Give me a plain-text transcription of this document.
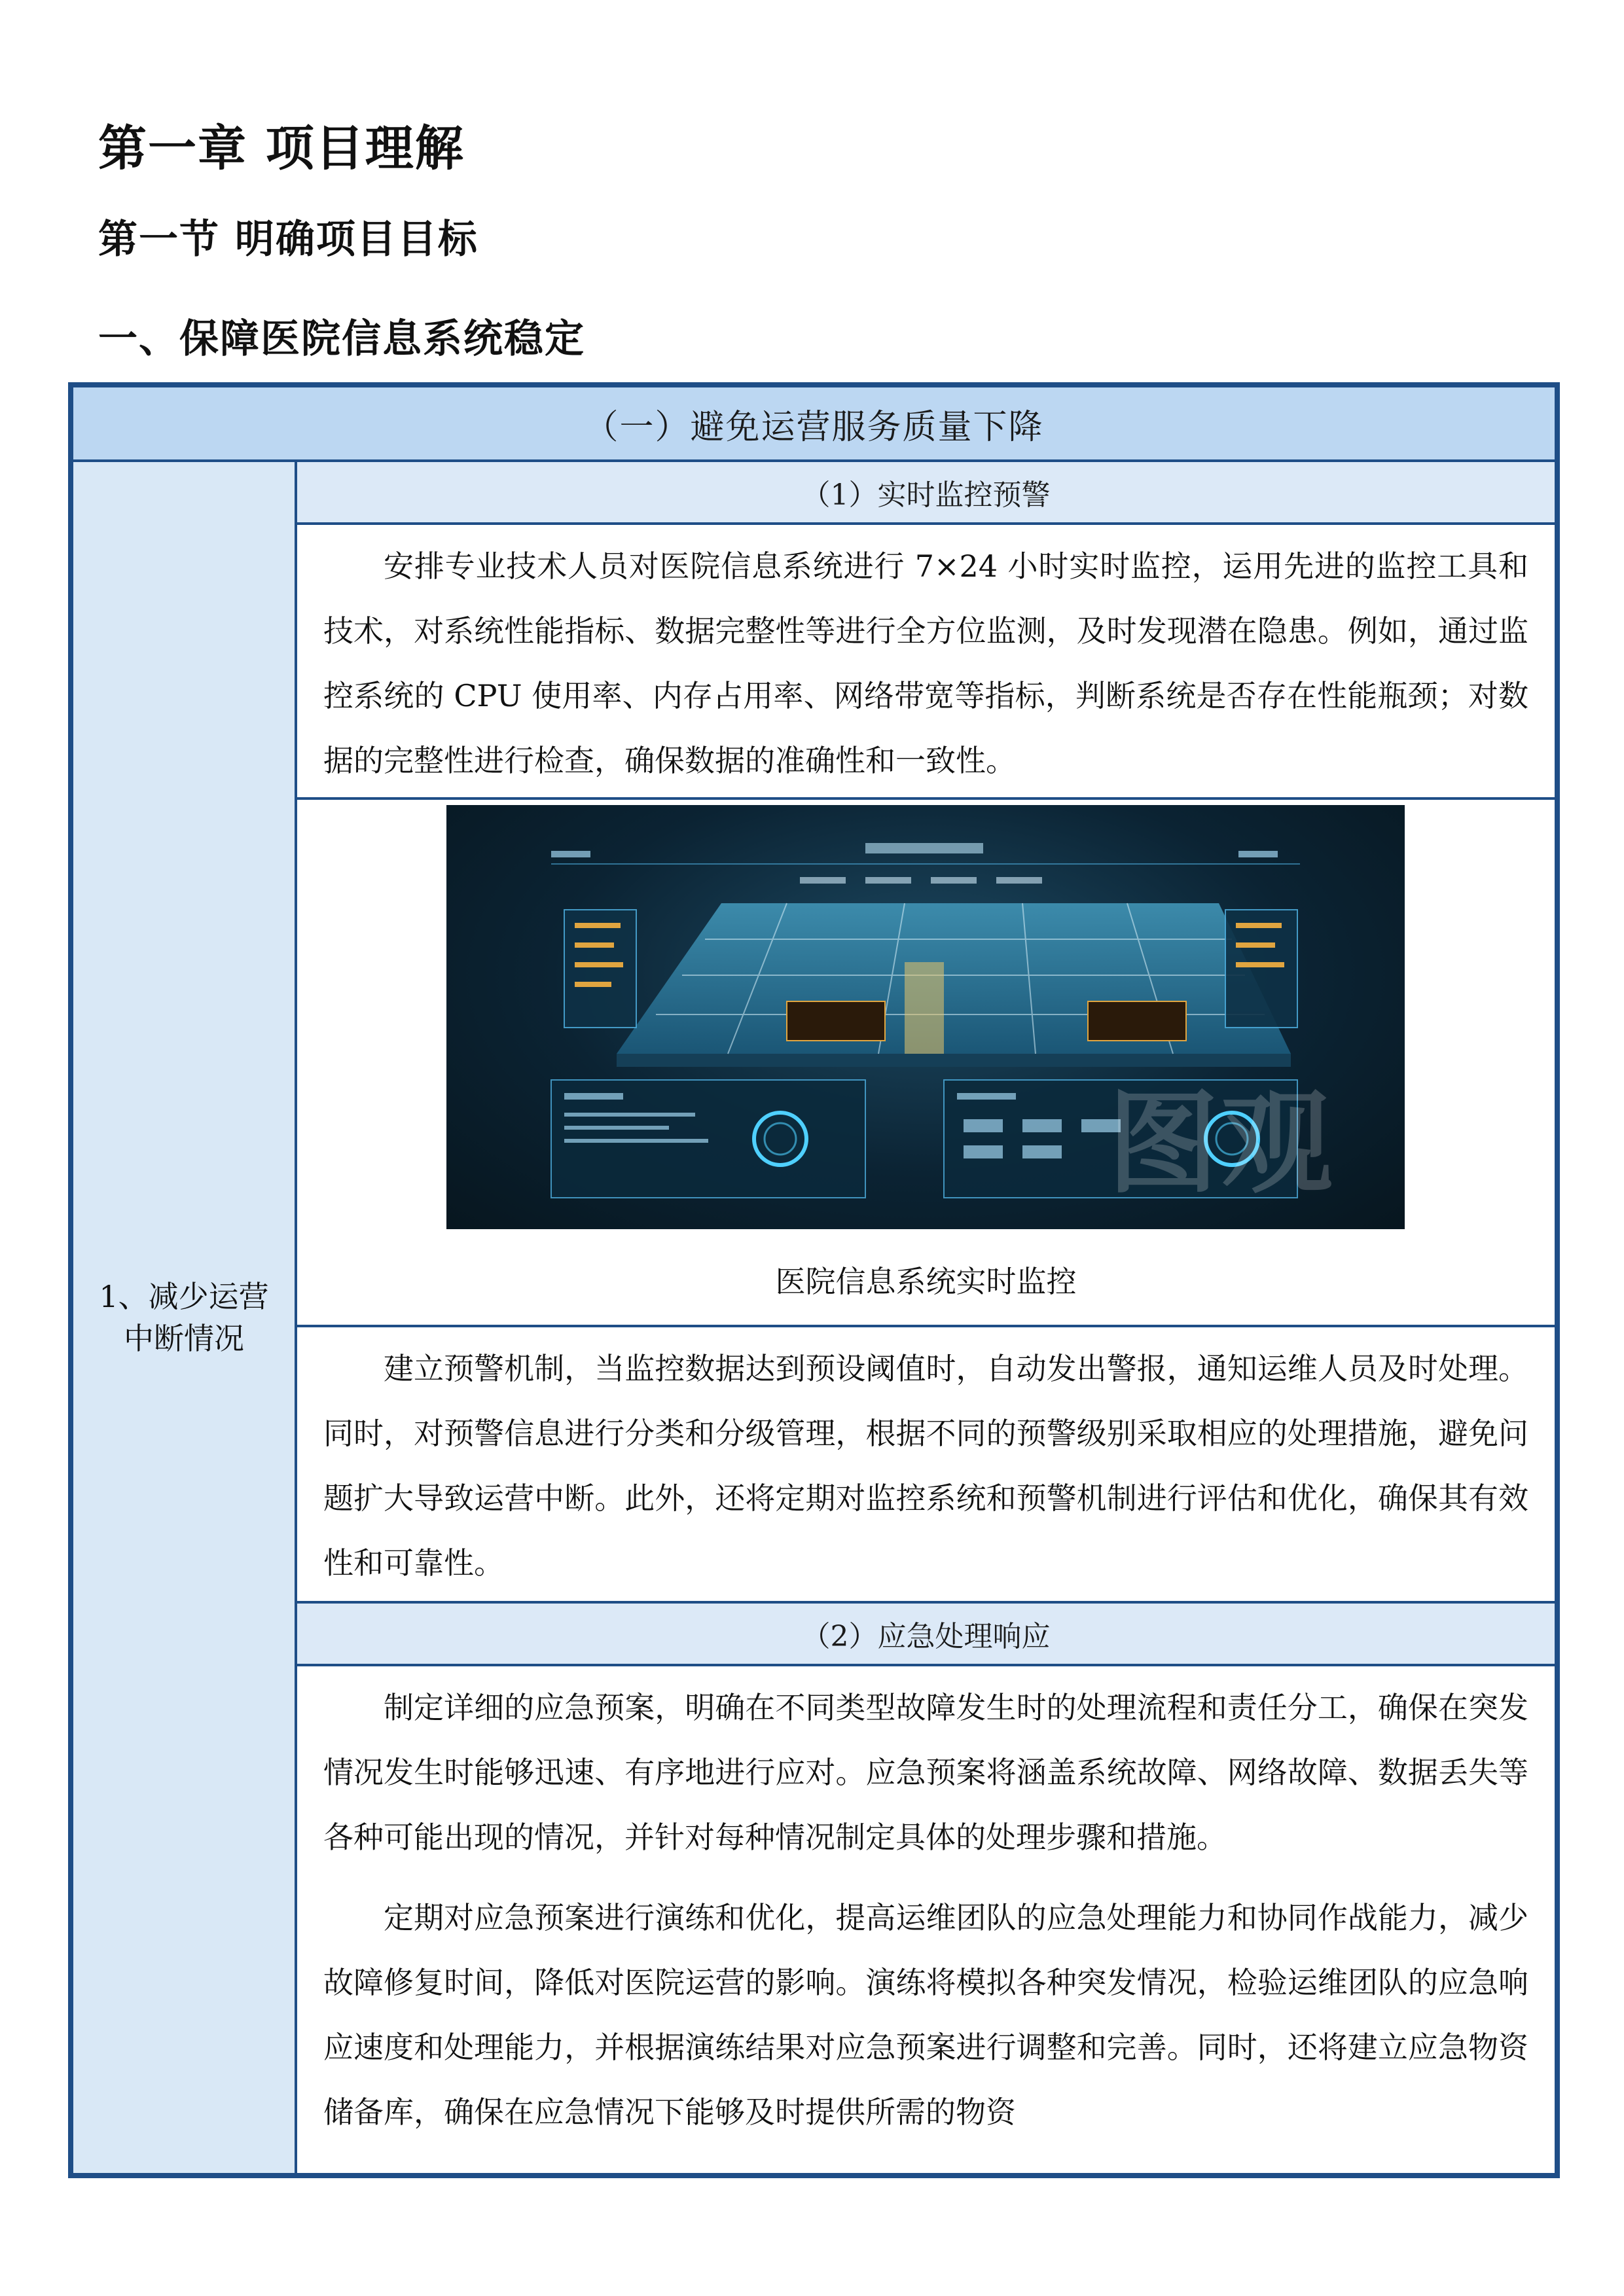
第一章 项目理解
第一节 明确项目目标
一、保障医院信息系统稳定
（一）避免运营服务质量下降
1、减少运营中断情况
（1）实时监控预警

安排专业技术人员对医院信息系统进行 7×24 小时实时监控，运用先进的监控工具和技术，对系统性能指标、数据完整性等进行全方位监测，及时发现潜在隐患。例如，通过监控系统的 CPU 使用率、内存占用率、网络带宽等指标，判断系统是否存在性能瓶颈；对数据的完整性进行检查，确保数据的准确性和一致性。

图观
医院信息系统实时监控

建立预警机制，当监控数据达到预设阈值时，自动发出警报，通知运维人员及时处理。同时，对预警信息进行分类和分级管理，根据不同的预警级别采取相应的处理措施，避免问题扩大导致运营中断。此外，还将定期对监控系统和预警机制进行评估和优化，确保其有效性和可靠性。

（2）应急处理响应

制定详细的应急预案，明确在不同类型故障发生时的处理流程和责任分工，确保在突发情况发生时能够迅速、有序地进行应对。应急预案将涵盖系统故障、网络故障、数据丢失等各种可能出现的情况，并针对每种情况制定具体的处理步骤和措施。

定期对应急预案进行演练和优化，提高运维团队的应急处理能力和协同作战能力，减少故障修复时间，降低对医院运营的影响。演练将模拟各种突发情况，检验运维团队的应急响应速度和处理能力，并根据演练结果对应急预案进行调整和完善。同时，还将建立应急物资储备库，确保在应急情况下能够及时提供所需的物资
